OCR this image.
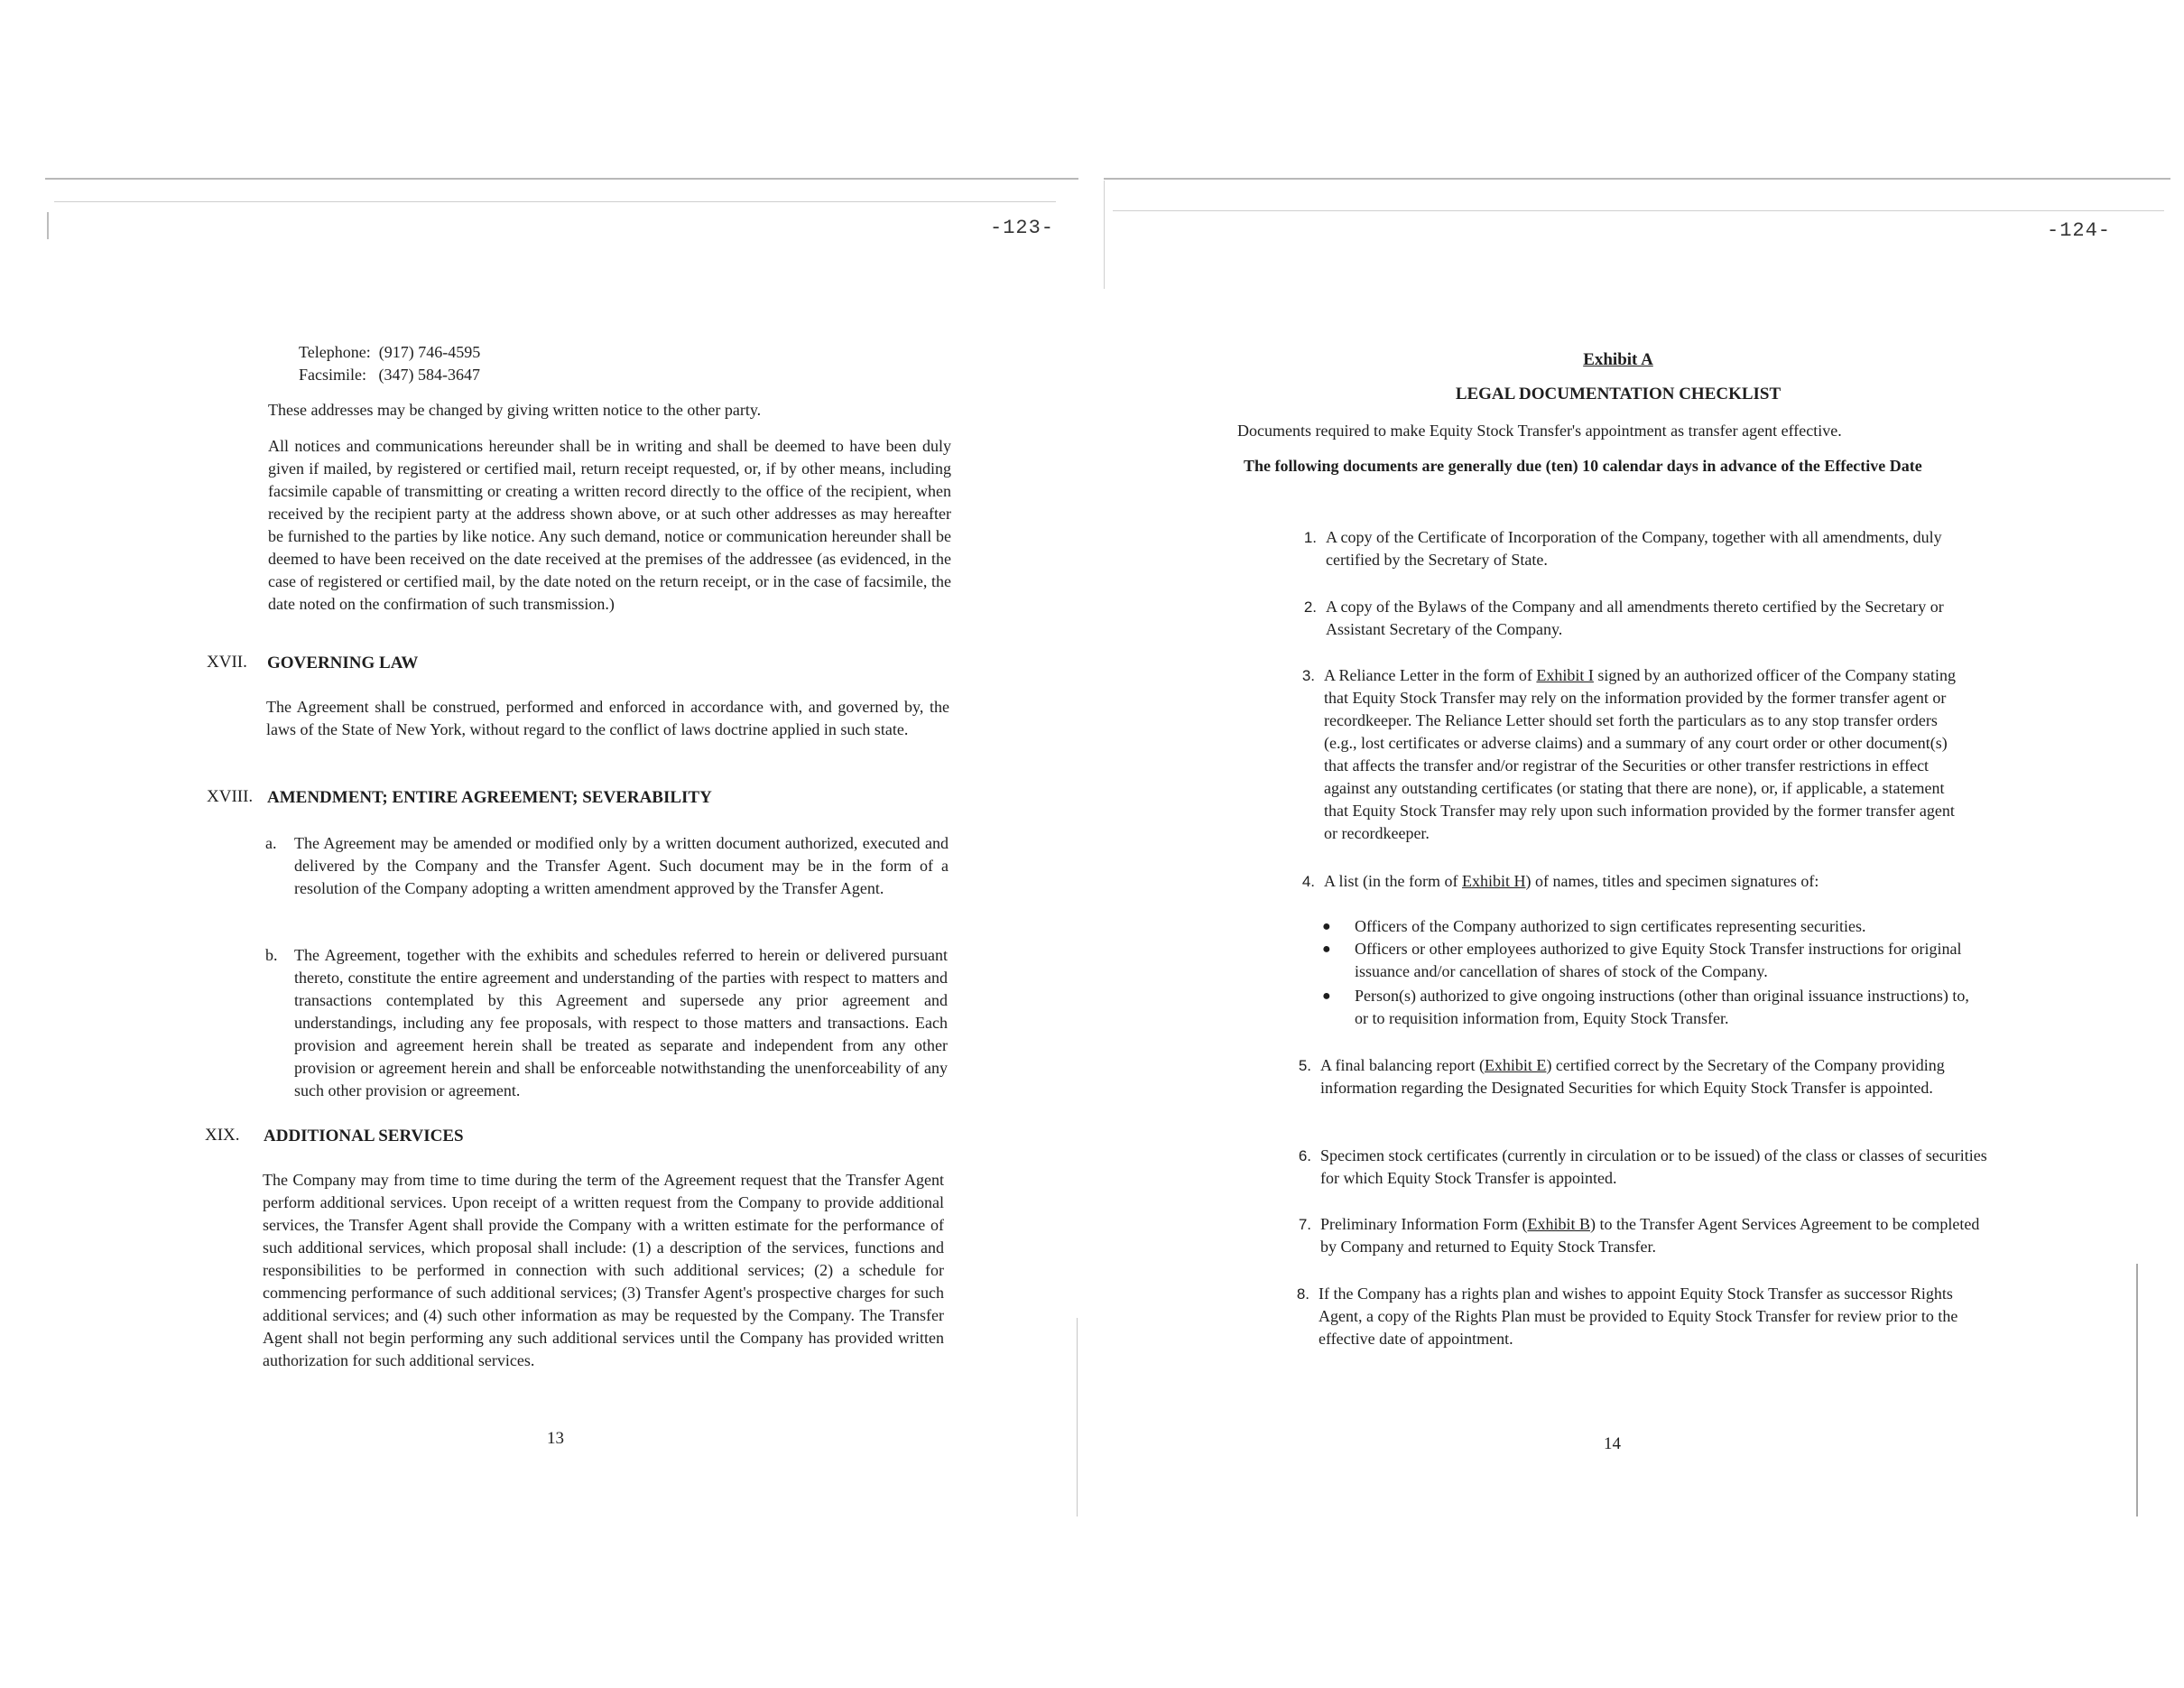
-123-
Telephone:  (917) 746-4595
Facsimile:   (347) 584-3647
These addresses may be changed by giving written notice to the other party.
All notices and communications hereunder shall be in writing and shall be deemed to have been duly given if mailed, by registered or certified mail, return receipt requested, or, if by other means, including facsimile capable of transmitting or creating a written record directly to the office of the recipient, when received by the recipient party at the address shown above, or at such other addresses as may hereafter be furnished to the parties by like notice. Any such demand, notice or communication hereunder shall be deemed to have been received on the date received at the premises of the addressee (as evidenced, in the case of registered or certified mail, by the date noted on the return receipt, or in the case of facsimile, the date noted on the confirmation of such transmission.)
XVII. GOVERNING LAW
The Agreement shall be construed, performed and enforced in accordance with, and governed by, the laws of the State of New York, without regard to the conflict of laws doctrine applied in such state.
XVIII. AMENDMENT; ENTIRE AGREEMENT; SEVERABILITY
a. The Agreement may be amended or modified only by a written document authorized, executed and delivered by the Company and the Transfer Agent. Such document may be in the form of a resolution of the Company adopting a written amendment approved by the Transfer Agent.
b. The Agreement, together with the exhibits and schedules referred to herein or delivered pursuant thereto, constitute the entire agreement and understanding of the parties with respect to matters and transactions contemplated by this Agreement and supersede any prior agreement and understandings, including any fee proposals, with respect to those matters and transactions. Each provision and agreement herein shall be treated as separate and independent from any other provision or agreement herein and shall be enforceable notwithstanding the unenforceability of any such other provision or agreement.
XIX. ADDITIONAL SERVICES
The Company may from time to time during the term of the Agreement request that the Transfer Agent perform additional services. Upon receipt of a written request from the Company to provide additional services, the Transfer Agent shall provide the Company with a written estimate for the performance of such additional services, which proposal shall include: (1) a description of the services, functions and responsibilities to be performed in connection with such additional services; (2) a schedule for commencing performance of such additional services; (3) Transfer Agent's prospective charges for such additional services; and (4) such other information as may be requested by the Company. The Transfer Agent shall not begin performing any such additional services until the Company has provided written authorization for such additional services.
13
-124-
Exhibit A
LEGAL DOCUMENTATION CHECKLIST
Documents required to make Equity Stock Transfer's appointment as transfer agent effective.
The following documents are generally due (ten) 10 calendar days in advance of the Effective Date
1. A copy of the Certificate of Incorporation of the Company, together with all amendments, duly certified by the Secretary of State.
2. A copy of the Bylaws of the Company and all amendments thereto certified by the Secretary or Assistant Secretary of the Company.
3. A Reliance Letter in the form of Exhibit I signed by an authorized officer of the Company stating that Equity Stock Transfer may rely on the information provided by the former transfer agent or recordkeeper. The Reliance Letter should set forth the particulars as to any stop transfer orders (e.g., lost certificates or adverse claims) and a summary of any court order or other document(s) that affects the transfer and/or registrar of the Securities or other transfer restrictions in effect against any outstanding certificates (or stating that there are none), or, if applicable, a statement that Equity Stock Transfer may rely upon such information provided by the former transfer agent or recordkeeper.
4. A list (in the form of Exhibit H) of names, titles and specimen signatures of:
● Officers of the Company authorized to sign certificates representing securities.
● Officers or other employees authorized to give Equity Stock Transfer instructions for original issuance and/or cancellation of shares of stock of the Company.
● Person(s) authorized to give ongoing instructions (other than original issuance instructions) to, or to requisition information from, Equity Stock Transfer.
5. A final balancing report (Exhibit E) certified correct by the Secretary of the Company providing information regarding the Designated Securities for which Equity Stock Transfer is appointed.
6. Specimen stock certificates (currently in circulation or to be issued) of the class or classes of securities for which Equity Stock Transfer is appointed.
7. Preliminary Information Form (Exhibit B) to the Transfer Agent Services Agreement to be completed by Company and returned to Equity Stock Transfer.
8. If the Company has a rights plan and wishes to appoint Equity Stock Transfer as successor Rights Agent, a copy of the Rights Plan must be provided to Equity Stock Transfer for review prior to the effective date of appointment.
14
